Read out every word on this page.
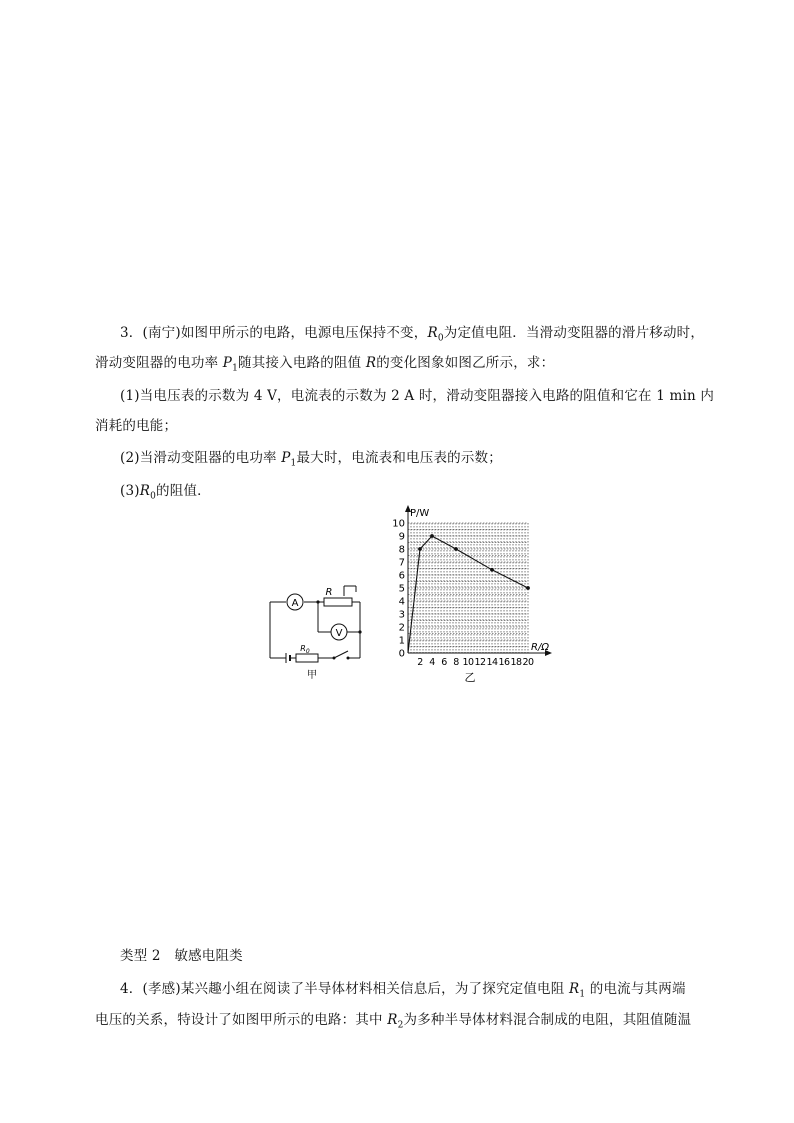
3．(南宁)如图甲所示的电路，电源电压保持不变，$R_0$为定值电阻．当滑动变阻器的滑片移动时，
滑动变阻器的电功率 $P_1$随其接入电路的阻值 R的变化图象如图乙所示，求：
(1)当电压表的示数为 4 V，电流表的示数为 2 A 时，滑动变阻器接入电路的阻值和它在 1 min 内
消耗的电能；
(2)当滑动变阻器的电功率 $P_1$最大时，电流表和电压表的示数；
$(3)R_0$的阻值．
A
V
R
$R_0$
甲
0
1
2
3
4
5
6
7
8
9
10
2 4 6 8 10 12 14 16 18 20
P/W
R/Ω
乙
类型 2　敏感电阻类
4．(孝感)某兴趣小组在阅读了半导体材料相关信息后，为了探究定值电阻 $R_1$ 的电流与其两端
电压的关系，特设计了如图甲所示的电路：其中 $R_2$为多种半导体材料混合制成的电阻，其阻值随温
